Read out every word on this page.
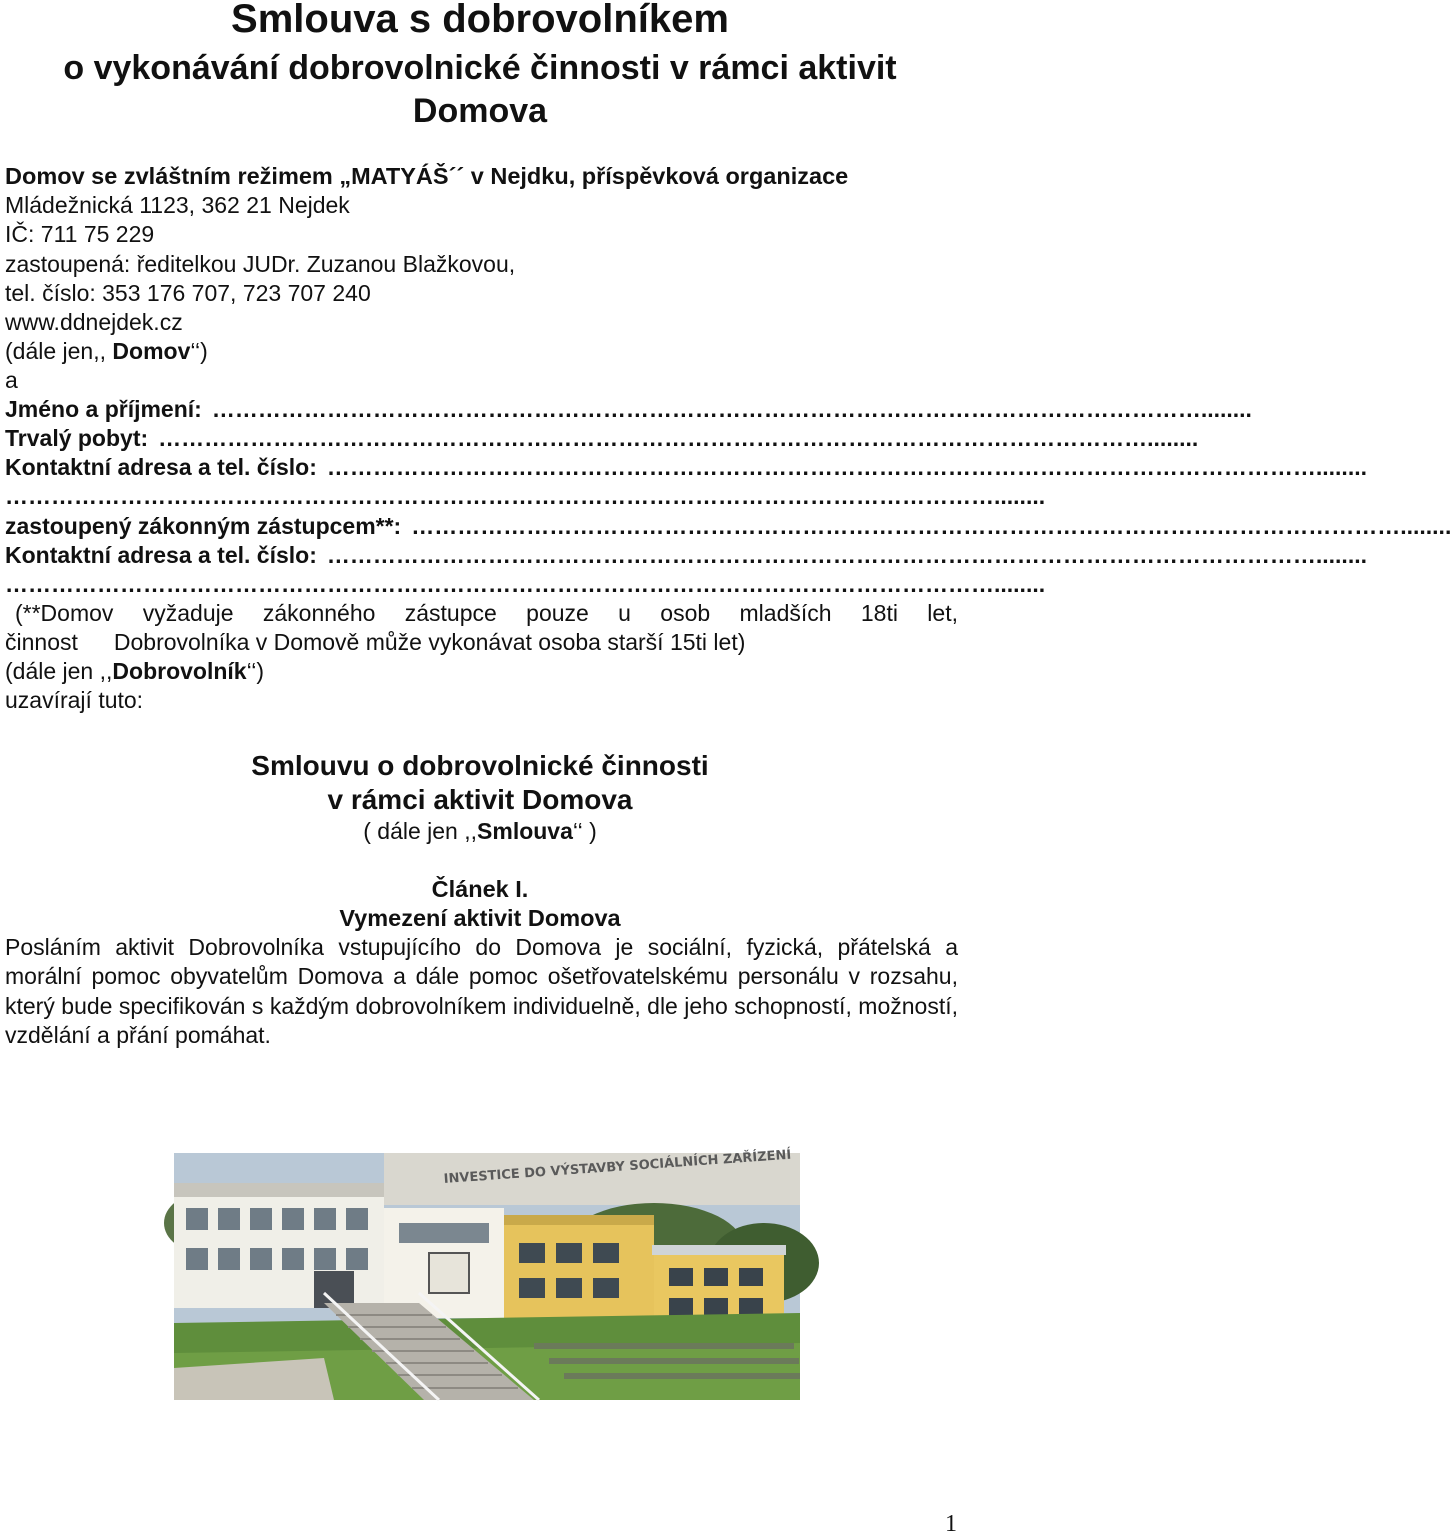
Smlouva s dobrovolníkem
o vykonávání dobrovolnické činnosti v rámci aktivit
Domova
Domov se zvláštním režimem „MATYÁŠ´´ v Nejdku, příspěvková organizace
Mládežnická 1123, 362 21 Nejdek
IČ: 711 75 229
zastoupená: ředitelkou JUDr. Zuzanou Blažkovou,
tel. číslo: 353 176 707, 723 707 240
www.ddnejdek.cz
(dále jen,, Domov‘‘)
a
Jméno a příjmení: ………………………………………………………………………………………………………………… ........
Trvalý pobyt: ………………………………………………………………………………………………………………… ........
Kontaktní adresa a tel. číslo: ………………………………………………………………………………………………………………… ........
………………………………………………………………………………………………………………… ........
zastoupený zákonným zástupcem**: ………………………………………………………………………………………………………………… ........
Kontaktní adresa a tel. číslo: ………………………………………………………………………………………………………………… ........
………………………………………………………………………………………………………………… ........
(**Domov vyžaduje zákonného zástupce pouze u osob mladších 18ti let,
činnost Dobrovolníka v Domově může vykonávat osoba starší 15ti let)
(dále jen ,,Dobrovolník‘‘)
uzavírají tuto:
Smlouvu o dobrovolnické činnosti
v rámci aktivit Domova
( dále jen ,,Smlouva‘‘ )
Článek I.
Vymezení aktivit Domova
Posláním aktivit Dobrovolníka vstupujícího do Domova je sociální, fyzická, přátelská a morální pomoc obyvatelům Domova a dále pomoc ošetřovatelskému personálu v rozsahu, který bude specifikován s každým dobrovolníkem individuelně, dle jeho schopností, možností, vzdělání a přání pomáhat.
INVESTICE DO VÝSTAVBY SOCIÁLNÍCH ZAŘÍZENÍ
1
